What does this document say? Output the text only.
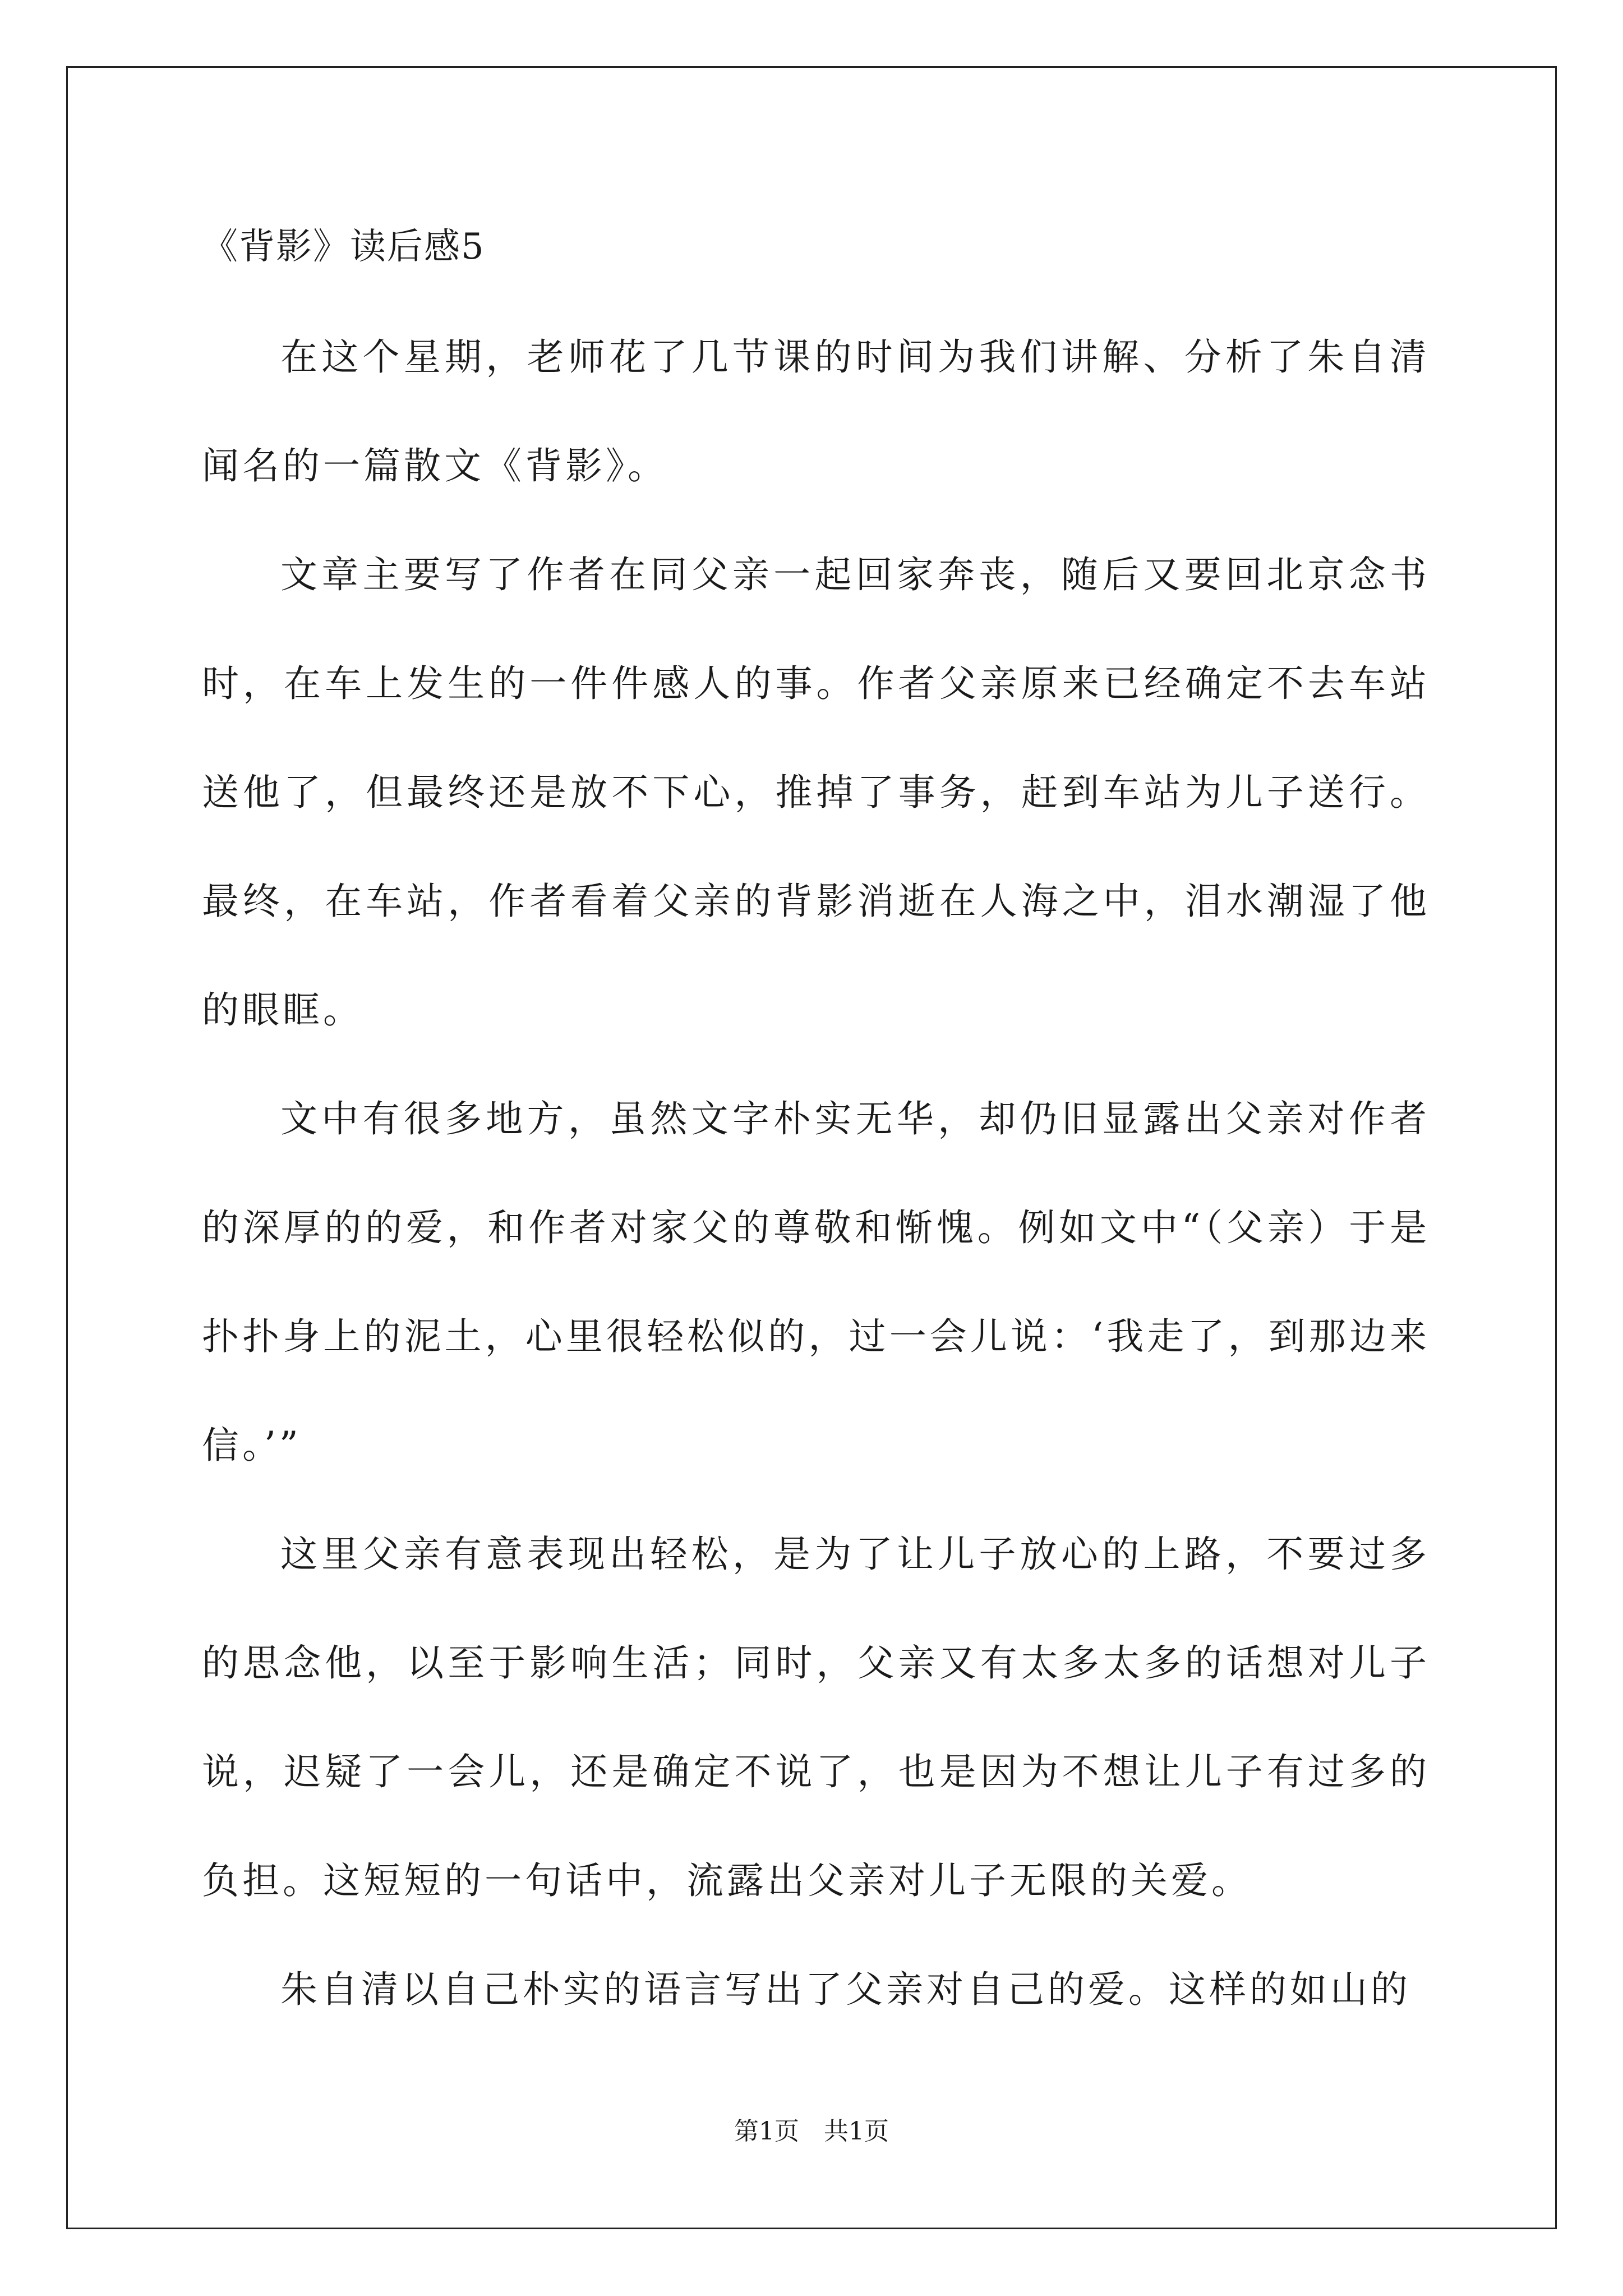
《背影》读后感5

在这个星期，老师花了几节课的时间为我们讲解、分析了朱自清闻名的一篇散文《背影》。

文章主要写了作者在同父亲一起回家奔丧，随后又要回北京念书时，在车上发生的一件件感人的事。作者父亲原来已经确定不去车站送他了，但最终还是放不下心，推掉了事务，赶到车站为儿子送行。最终，在车站，作者看着父亲的背影消逝在人海之中，泪水潮湿了他的眼眶。

文中有很多地方，虽然文字朴实无华，却仍旧显露出父亲对作者的深厚的的爱，和作者对家父的尊敬和惭愧。例如文中“（父亲）于是扑扑身上的泥土，心里很轻松似的，过一会儿说：‘我走了，到那边来信。’”

这里父亲有意表现出轻松，是为了让儿子放心的上路，不要过多的思念他，以至于影响生活；同时，父亲又有太多太多的话想对儿子说，迟疑了一会儿，还是确定不说了，也是因为不想让儿子有过多的负担。这短短的一句话中，流露出父亲对儿子无限的关爱。

朱自清以自己朴实的语言写出了父亲对自己的爱。这样的如山的

第1页　共1页
